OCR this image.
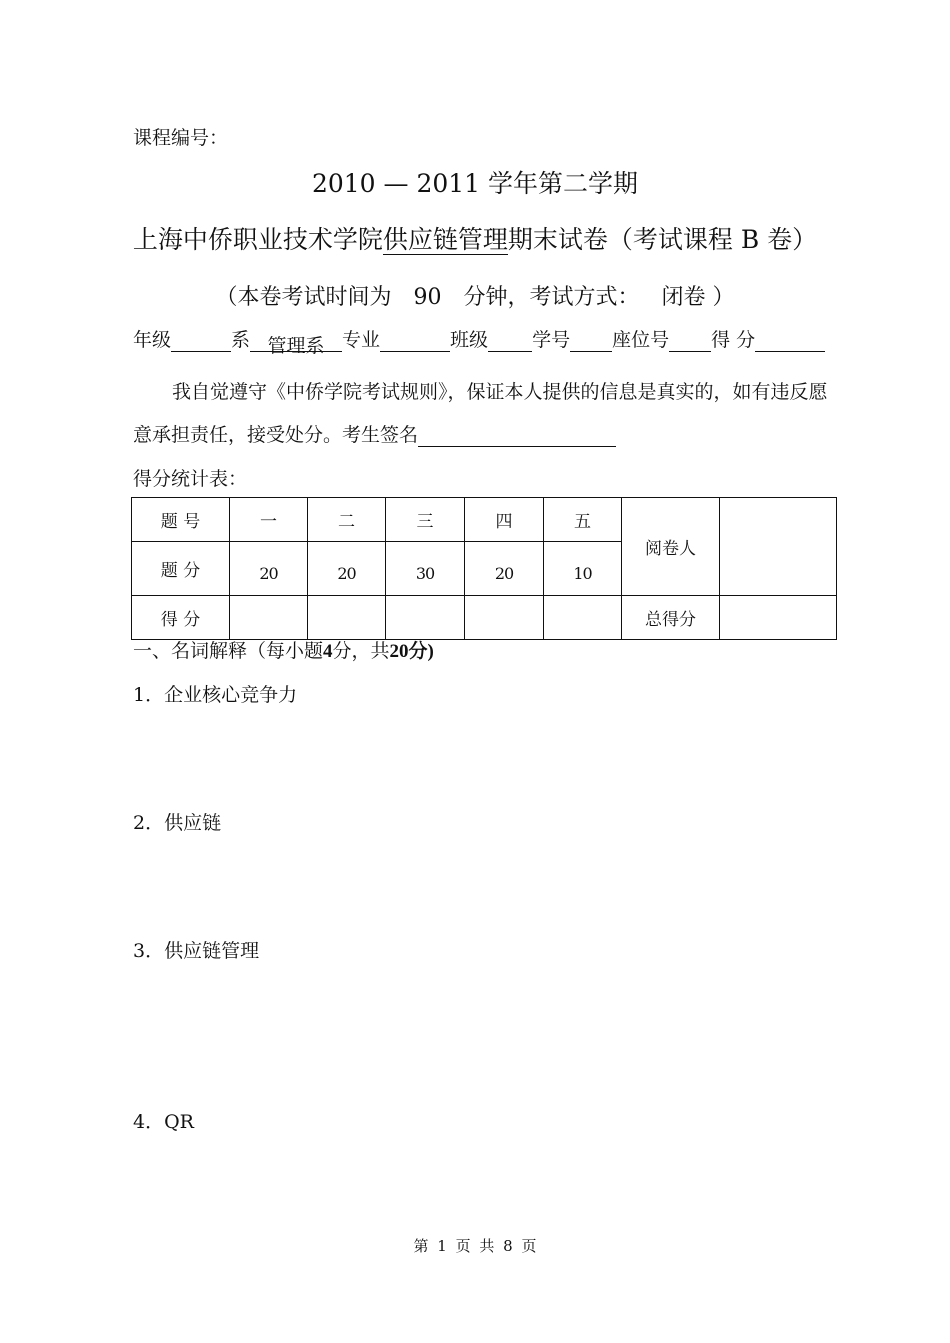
课程编号：
2010 — 2011 学年第二学期
上海中侨职业技术学院供应链管理期末试卷（考试课程 B 卷）
（本卷考试时间为 90 分钟，考试方式： 闭卷 ）
年级	系 管理系 专业	班级 学号 座位号 得 分
我自觉遵守《中侨学院考试规则》，保证本人提供的信息是真实的，如有违反愿
意承担责任，接受处分。考生签名
得分统计表：
题 号	一	二	三	四	五	阅卷人	
题 分	20	20	30	20	10		
得 分						总得分	
一、名词解释（每小题4分，共20分)
1．企业核心竞争力
2．供应链
3．供应链管理
4．QR
第 1 页 共 8 页
